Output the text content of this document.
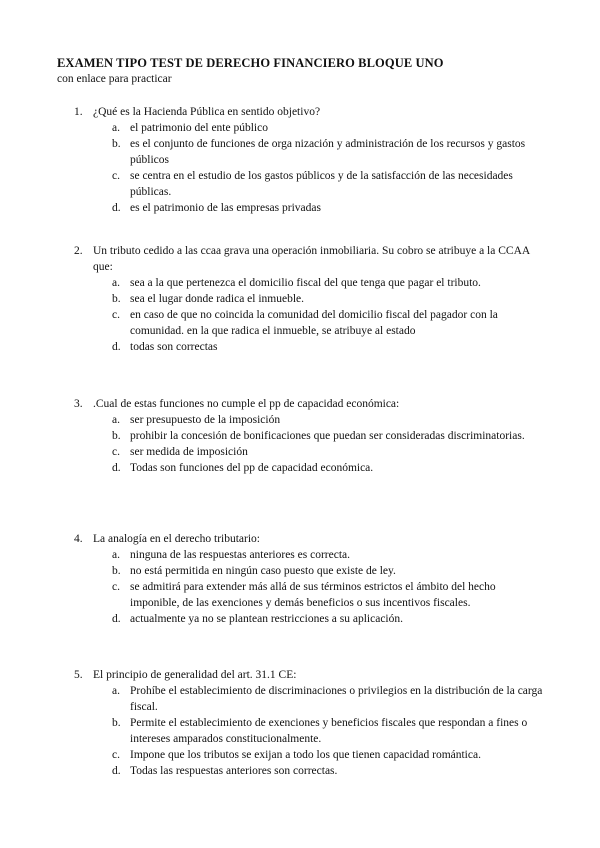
EXAMEN TIPO TEST DE DERECHO FINANCIERO BLOQUE UNO
con enlace para practicar
1. ¿Qué es la Hacienda Pública en sentido objetivo?
a. el patrimonio del ente público
b. es el conjunto de funciones de orga nización y administración de los recursos y gastos públicos
c. se centra en el estudio de los gastos públicos y de la satisfacción de las necesidades públicas.
d. es el patrimonio de las empresas privadas
2. Un tributo cedido a las ccaa grava una operación inmobiliaria. Su cobro se atribuye a la CCAA que:
a. sea a la que pertenezca el domicilio fiscal del que tenga que pagar el tributo.
b. sea el lugar donde radica el inmueble.
c. en caso de que no coincida la comunidad del domicilio fiscal del pagador con la comunidad. en la que radica el inmueble, se atribuye al estado
d. todas son correctas
3. .Cual de estas funciones no cumple el pp de capacidad económica:
a. ser presupuesto de la imposición
b. prohibir la concesión de bonificaciones que puedan ser consideradas discriminatorias.
c. ser medida de imposición
d. Todas son funciones del pp de capacidad económica.
4. La analogía en el derecho tributario:
a. ninguna de las respuestas anteriores es correcta.
b. no está permitida en ningún caso puesto que existe de ley.
c. se admitirá para extender más allá de sus términos estrictos el ámbito del hecho imponible, de las exenciones y demás beneficios o sus incentivos fiscales.
d. actualmente ya no se plantean restricciones a su aplicación.
5. El principio de generalidad del art. 31.1 CE:
a. Prohíbe el establecimiento de discriminaciones o privilegios en la distribución de la carga fiscal.
b. Permite el establecimiento de exenciones y beneficios fiscales que respondan a fines o intereses amparados constitucionalmente.
c. Impone que los tributos se exijan a todo los que tienen capacidad romántica.
d. Todas las respuestas anteriores son correctas.
